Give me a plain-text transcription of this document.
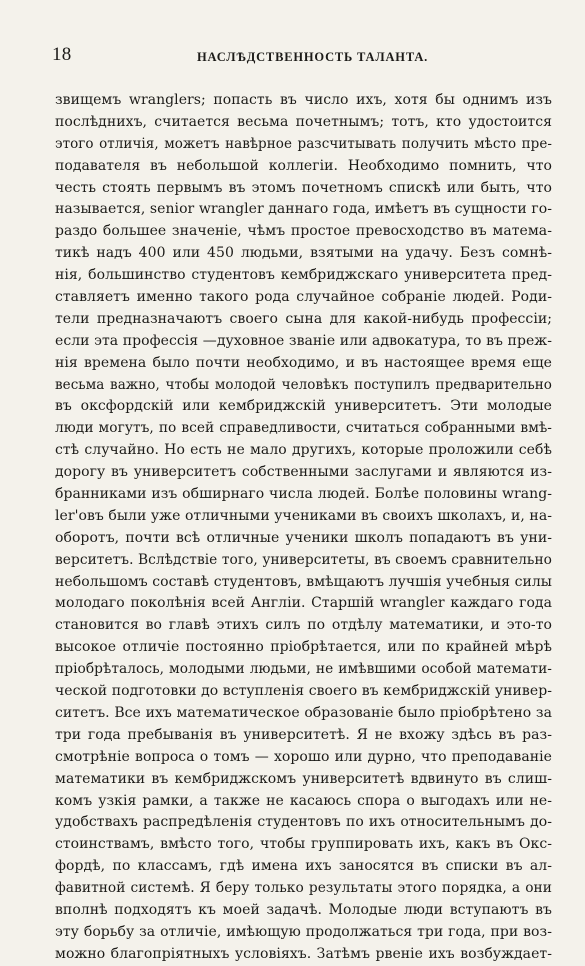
18	НАСЛѢДСТВЕННОСТЬ ТАЛАНТА.
звищемъ wranglers; попасть въ число ихъ, хотя бы однимъ изъ
послѣднихъ, считается весьма почетнымъ; тотъ, кто удостоится
этого отличія, можетъ навѣрное разсчитывать получить мѣсто пре-
подавателя въ небольшой коллегіи. Необходимо помнить, что
честь стоять первымъ въ этомъ почетномъ спискѣ или быть, что
называется, senior wrangler даннаго года, имѣетъ въ сущности го-
раздо большее значеніе, чѣмъ простое превосходство въ матема-
тикѣ надъ 400 или 450 людьми, взятыми на удачу. Безъ сомнѣ-
нія, большинство студентовъ кембриджскаго университета пред-
ставляетъ именно такого рода случайное собраніе людей. Роди-
тели предназначаютъ своего сына для какой-нибудь професcіи;
если эта профессія —духовное званіе или адвокатура, то въ преж-
нія времена было почти необходимо, и въ настоящее время еще
весьма важно, чтобы молодой человѣкъ поступилъ предварительно
въ оксфордскій или кембриджскій университетъ. Эти молодые
люди могутъ, по всей справедливости, считаться собранными вмѣ-
стѣ случайно. Но есть не мало другихъ, которые проложили себѣ
дорогу въ университетъ собственными заслугами и являются из-
бранниками изъ обширнаго числа людей. Болѣе половины wrang-
ler'овъ были уже отличными учениками въ своихъ школахъ, и, на-
оборотъ, почти всѣ отличные ученики школъ попадаютъ въ уни-
верситетъ. Вслѣдствіе того, университеты, въ своемъ сравнительно
небольшомъ составѣ студентовъ, вмѣщаютъ лучшія учебныя силы
молодаго поколѣнія всей Англіи. Старшій wrangler каждаго года
становится во главѣ этихъ силъ по отдѣлу математики, и это-то
высокое отличіе постоянно пріобрѣтается, или по крайней мѣрѣ
пріобрѣталось, молодыми людьми, не имѣвшими особой математи-
ческой подготовки до вступленія своего въ кембриджскій универ-
ситетъ. Все ихъ математическое образованіе было пріобрѣтено за
три года пребыванія въ университетѣ. Я не вхожу здѣсь въ раз-
смотрѣніе вопроса о томъ — хорошо или дурно, что преподаваніе
математики въ кембриджскомъ университетѣ вдвинуто въ слиш-
комъ узкія рамки, а также не касаюсь спора о выгодахъ или не-
удобствахъ распредѣленія студентовъ по ихъ относительнымъ до-
стоинствамъ, вмѣсто того, чтобы группировать ихъ, какъ въ Окс-
фордѣ, по классамъ, гдѣ имена ихъ заносятся въ списки въ ал-
фавитной системѣ. Я беру только результаты этого порядка, а они
вполнѣ подходятъ къ моей задачѣ. Молодые люди вступаютъ въ
эту борьбу за отличіе, имѣющую продолжаться три года, при воз-
можно благопріятныхъ условіяхъ. Затѣмъ рвеніе ихъ возбуждает-
